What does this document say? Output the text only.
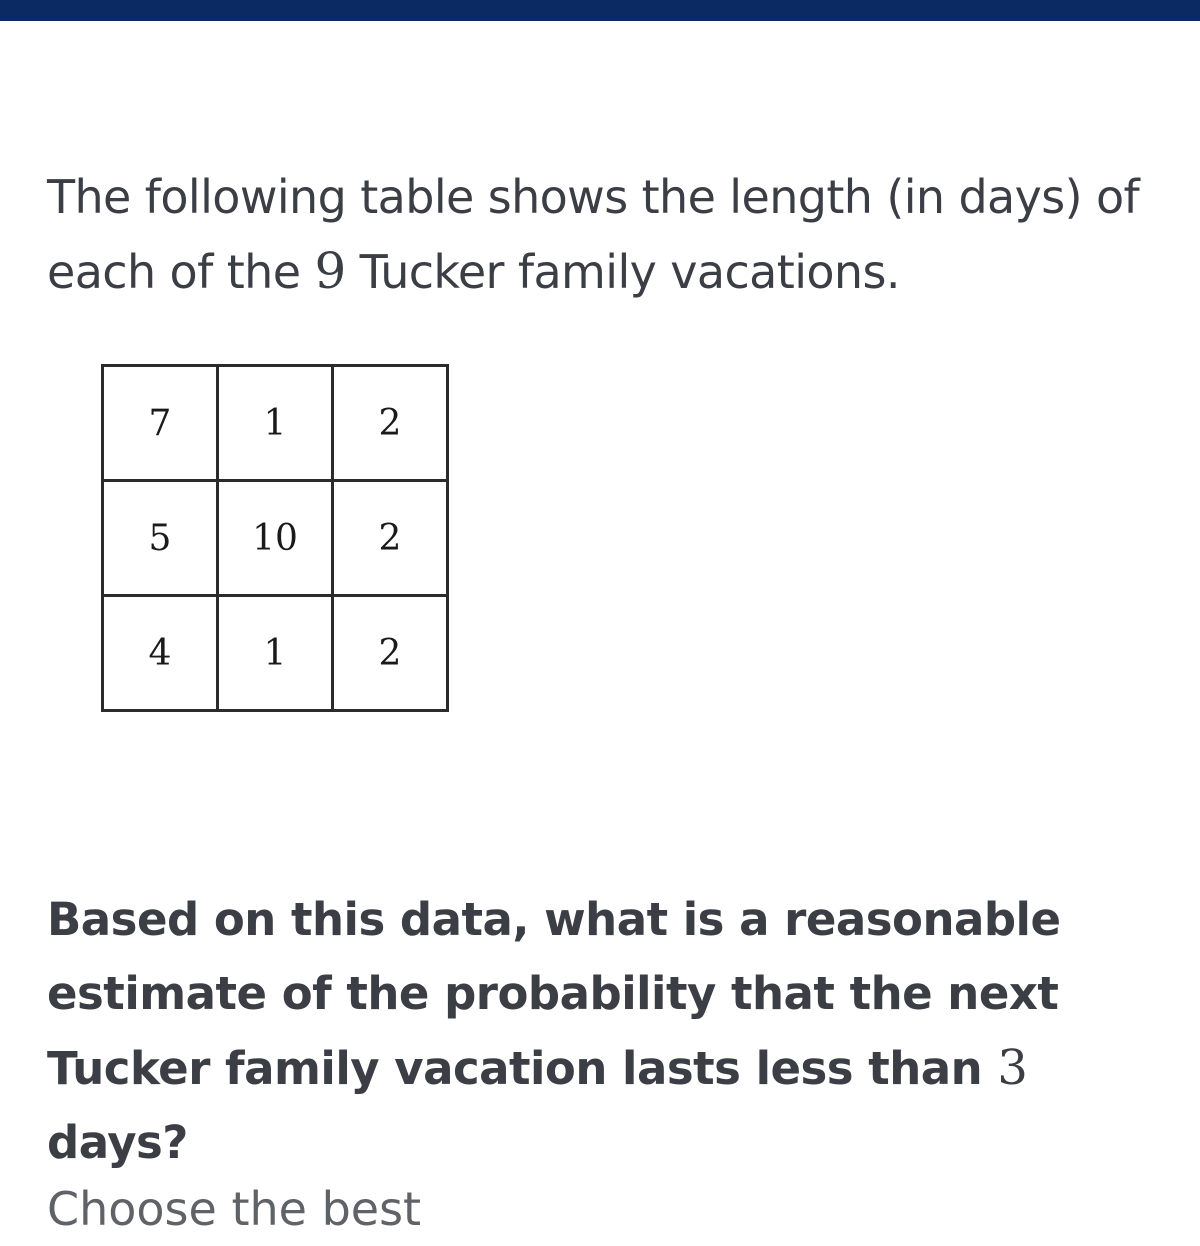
The following table shows the length (in days) of each of the 9 Tucker family vacations.

7	1	2
5	10	2
4	1	2

Based on this data, what is a reasonable estimate of the probability that the next Tucker family vacation lasts less than 3 days?

Choose the best
